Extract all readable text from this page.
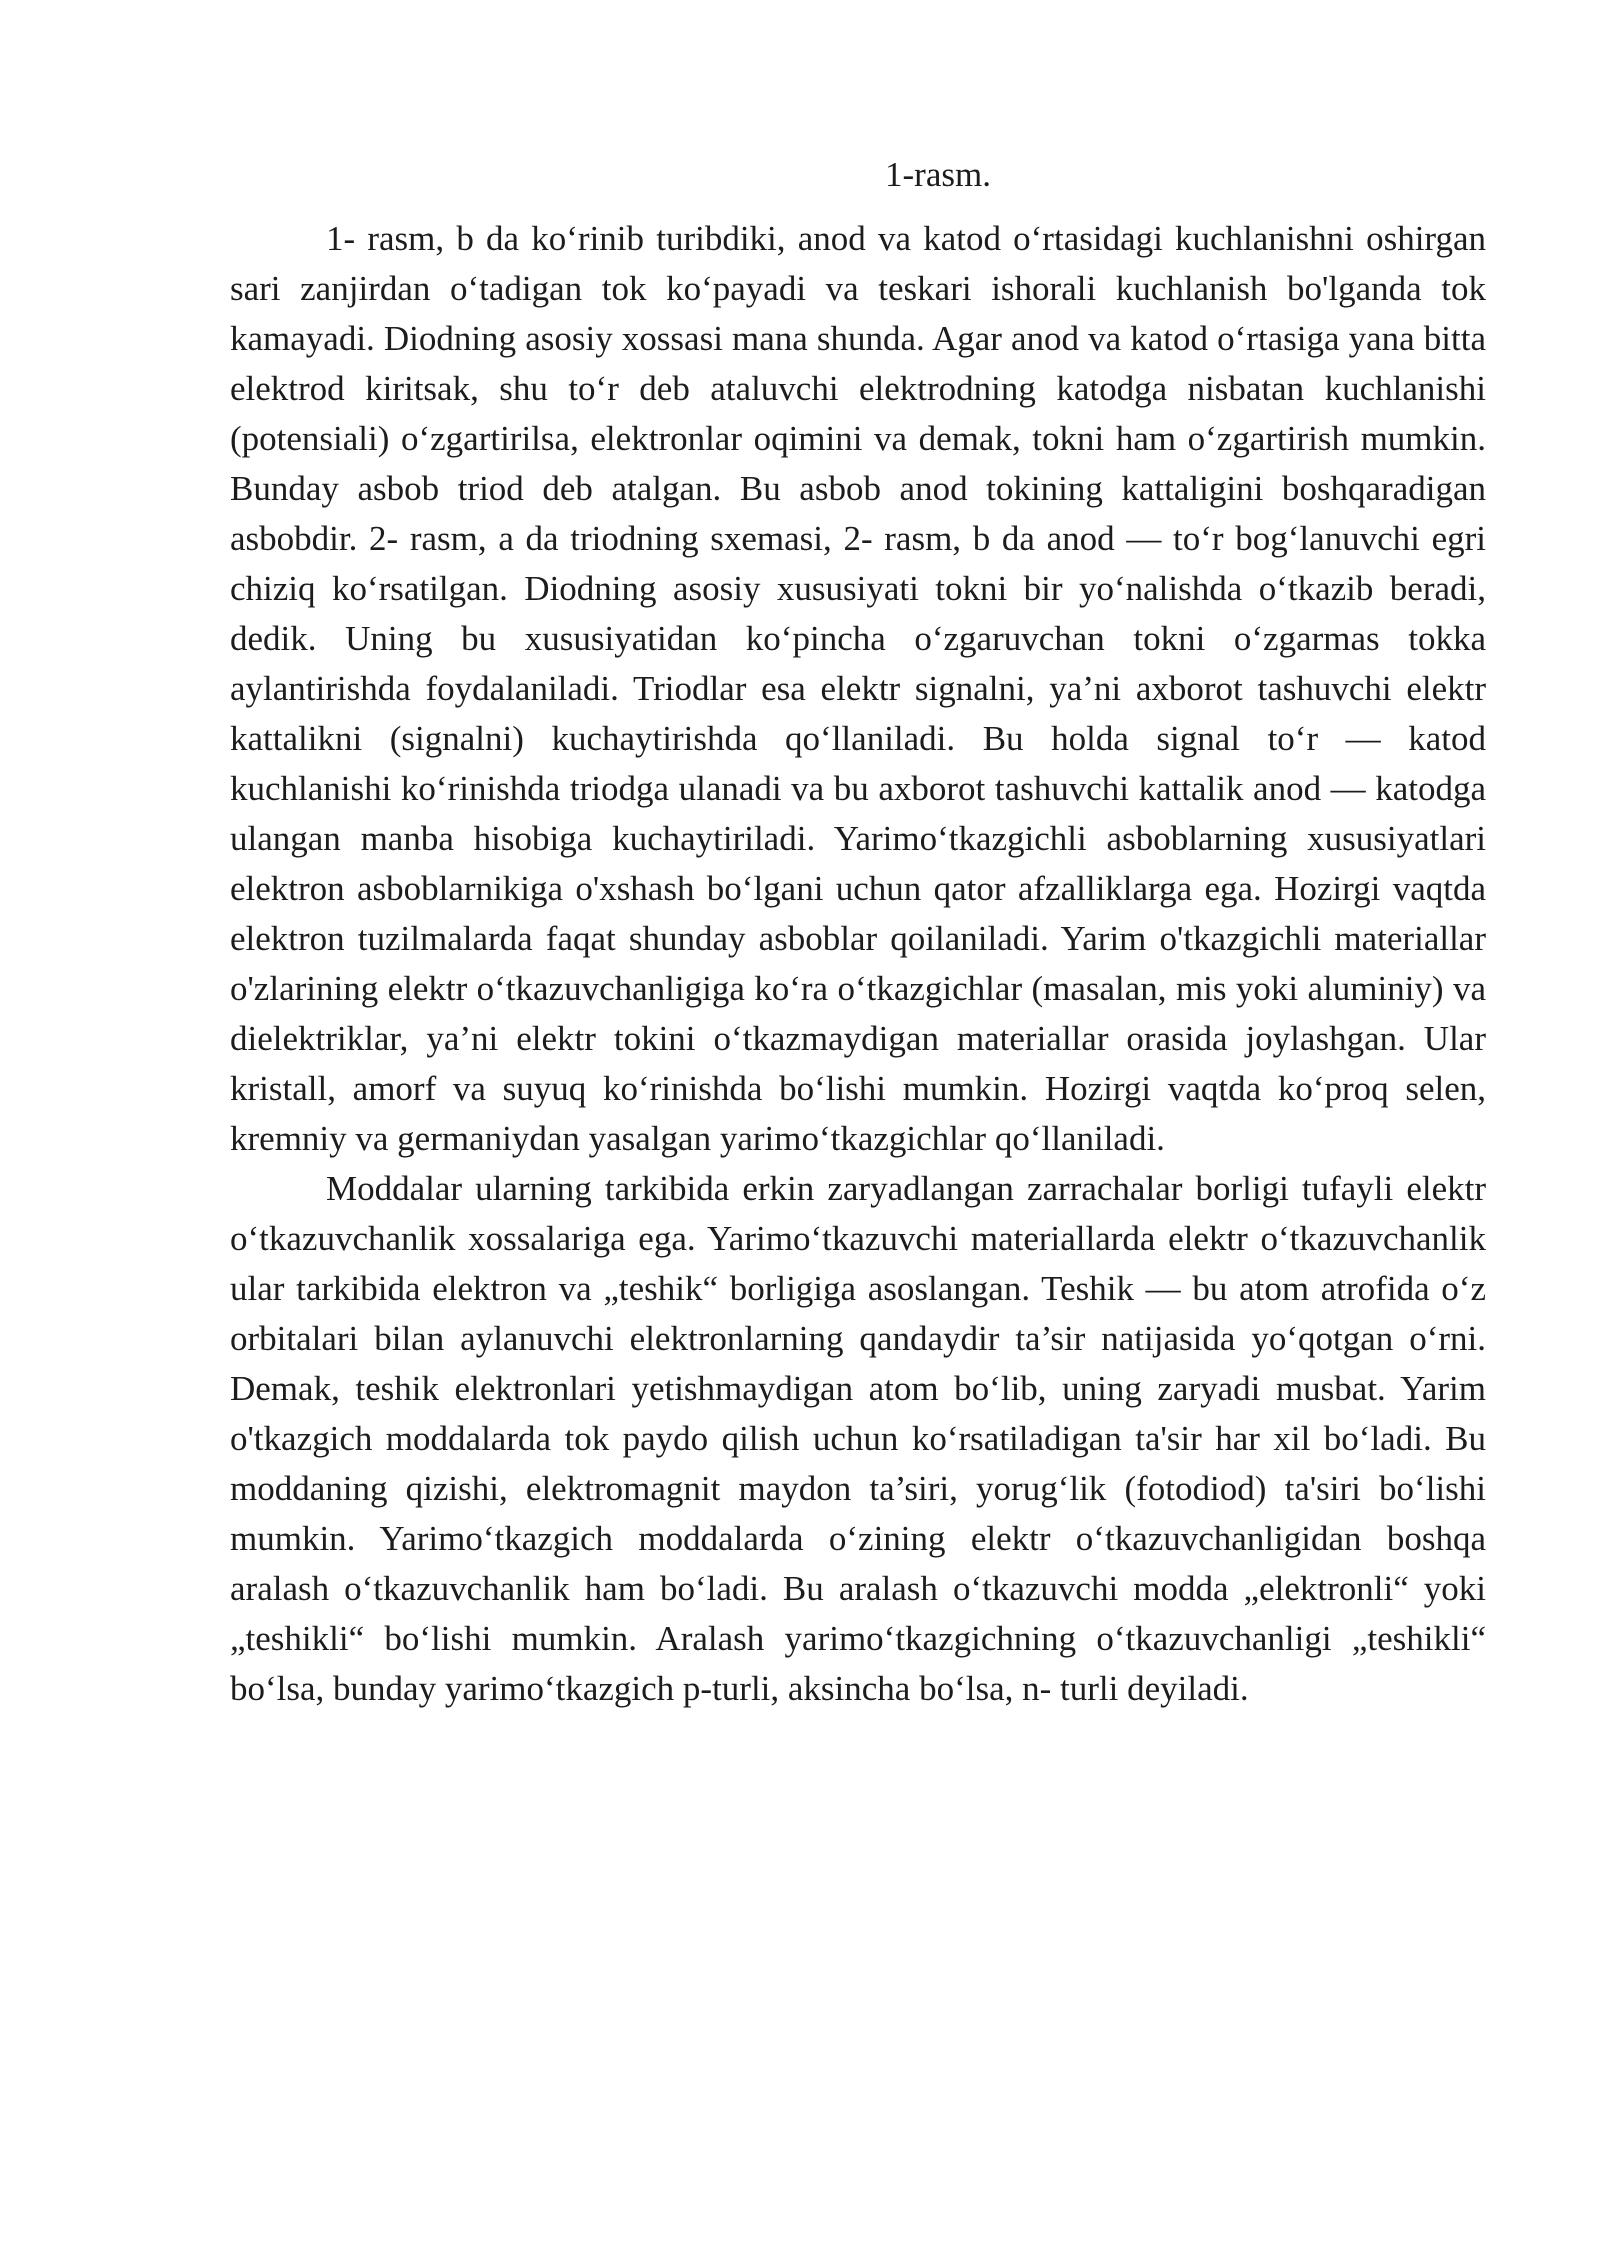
1-rasm.

1- rasm, b da koʻrinib turibdiki, anod va katod oʻrtasidagi kuchlanishni oshirgan sari zanjirdan oʻtadigan tok koʻpayadi va teskari ishorali kuchlanish bo'lganda tok kamayadi. Diodning asosiy xossasi mana shunda. Agar anod va katod oʻrtasiga yana bitta elektrod kiritsak, shu toʻr deb ataluvchi elektrodning katodga nisbatan kuchlanishi (potensiali) oʻzgartirilsa, elektronlar oqimini va demak, tokni ham oʻzgartirish mumkin. Bunday asbob triod deb atalgan. Bu asbob anod tokining kattaligini boshqaradigan asbobdir. 2- rasm, a da triodning sxemasi, 2- rasm, b da anod — toʻr bogʻlanuvchi egri chiziq koʻrsatilgan. Diodning asosiy xususiyati tokni bir yoʻnalishda oʻtkazib beradi, dedik. Uning bu xususiyatidan koʻpincha oʻzgaruvchan tokni oʻzgarmas tokka aylantirishda foydalaniladi. Triodlar esa elektr signalni, ya’ni axborot tashuvchi elektr kattalikni (signalni) kuchaytirishda qoʻllaniladi. Bu holda signal toʻr — katod kuchlanishi koʻrinishda triodga ulanadi va bu axborot tashuvchi kattalik anod — katodga ulangan manba hisobiga kuchaytiriladi. Yarimoʻtkazgichli asboblarning xususiyatlari elektron asboblarnikiga o'xshash boʻlgani uchun qator afzalliklarga ega. Hozirgi vaqtda elektron tuzilmalarda faqat shunday asboblar qoilaniladi. Yarim o'tkazgichli materiallar o'zlarining elektr oʻtkazuvchanligiga koʻra oʻtkazgichlar (masalan, mis yoki aluminiy) va dielektriklar, ya’ni elektr tokini oʻtkazmaydigan materiallar orasida joylashgan. Ular kristall, amorf va suyuq koʻrinishda boʻlishi mumkin. Hozirgi vaqtda koʻproq selen, kremniy va germaniydan yasalgan yarimoʻtkazgichlar qoʻllaniladi.

Moddalar ularning tarkibida erkin zaryadlangan zarrachalar borligi tufayli elektr oʻtkazuvchanlik xossalariga ega. Yarimoʻtkazuvchi materiallarda elektr oʻtkazuvchanlik ular tarkibida elektron va „teshik“ borligiga asoslangan. Teshik — bu atom atrofida oʻz orbitalari bilan aylanuvchi elektronlarning qandaydir ta’sir natijasida yoʻqotgan oʻrni. Demak, teshik elektronlari yetishmaydigan atom boʻlib, uning zaryadi musbat. Yarim o'tkazgich moddalarda tok paydo qilish uchun koʻrsatiladigan ta'sir har xil boʻladi. Bu moddaning qizishi, elektromagnit maydon ta’siri, yorugʻlik (fotodiod) ta'siri boʻlishi mumkin. Yarimoʻtkazgich moddalarda oʻzining elektr oʻtkazuvchanligidan boshqa aralash oʻtkazuvchanlik ham boʻladi. Bu aralash oʻtkazuvchi modda „elektronli“ yoki „teshikli“ boʻlishi mumkin. Aralash yarimoʻtkazgichning oʻtkazuvchanligi „teshikli“ boʻlsa, bunday yarimoʻtkazgich p-turli, aksincha boʻlsa, n- turli deyiladi.
